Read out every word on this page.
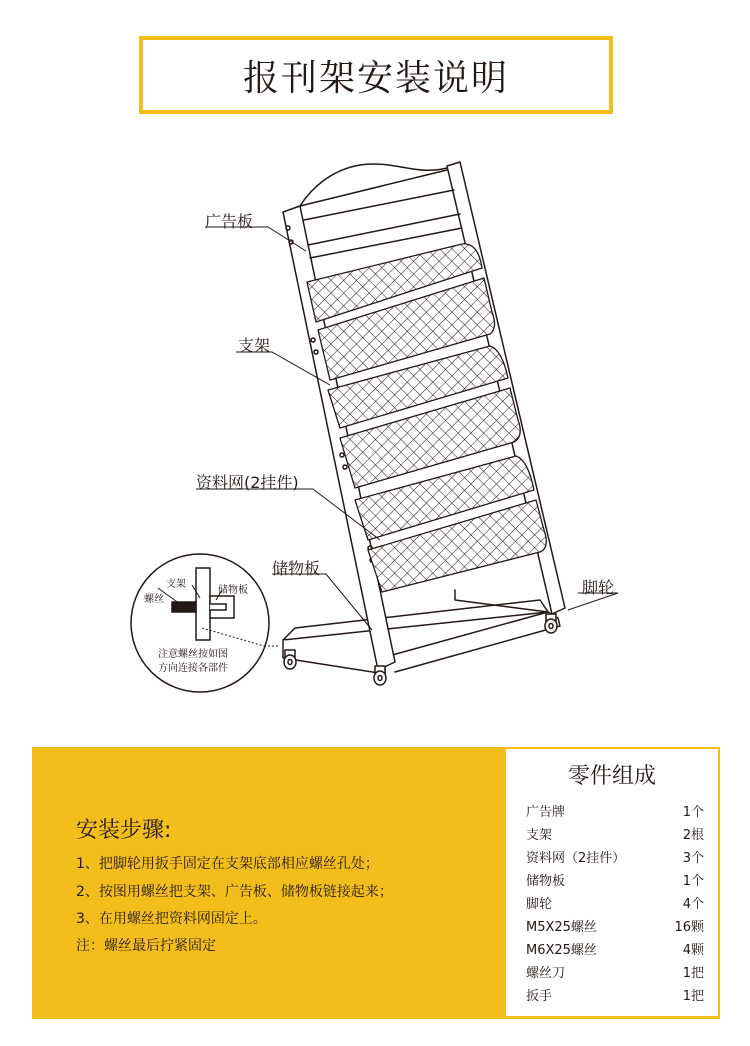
报刊架安装说明
广告板
支架
资料网(2挂件)
储物板
脚轮
支架
储物板
螺丝
注意螺丝按如图
方向连接各部件
安装步骤:
1、把脚轮用扳手固定在支架底部相应螺丝孔处；
2、按图用螺丝把支架、广告板、储物板链接起来；
3、在用螺丝把资料网固定上。
注：螺丝最后拧紧固定
零件组成
广告牌	1个
支架	2根
资料网（2挂件）	3个
储物板	1个
脚轮	4个
M5X25螺丝	16颗
M6X25螺丝	4颗
螺丝刀	1把
扳手	1把
